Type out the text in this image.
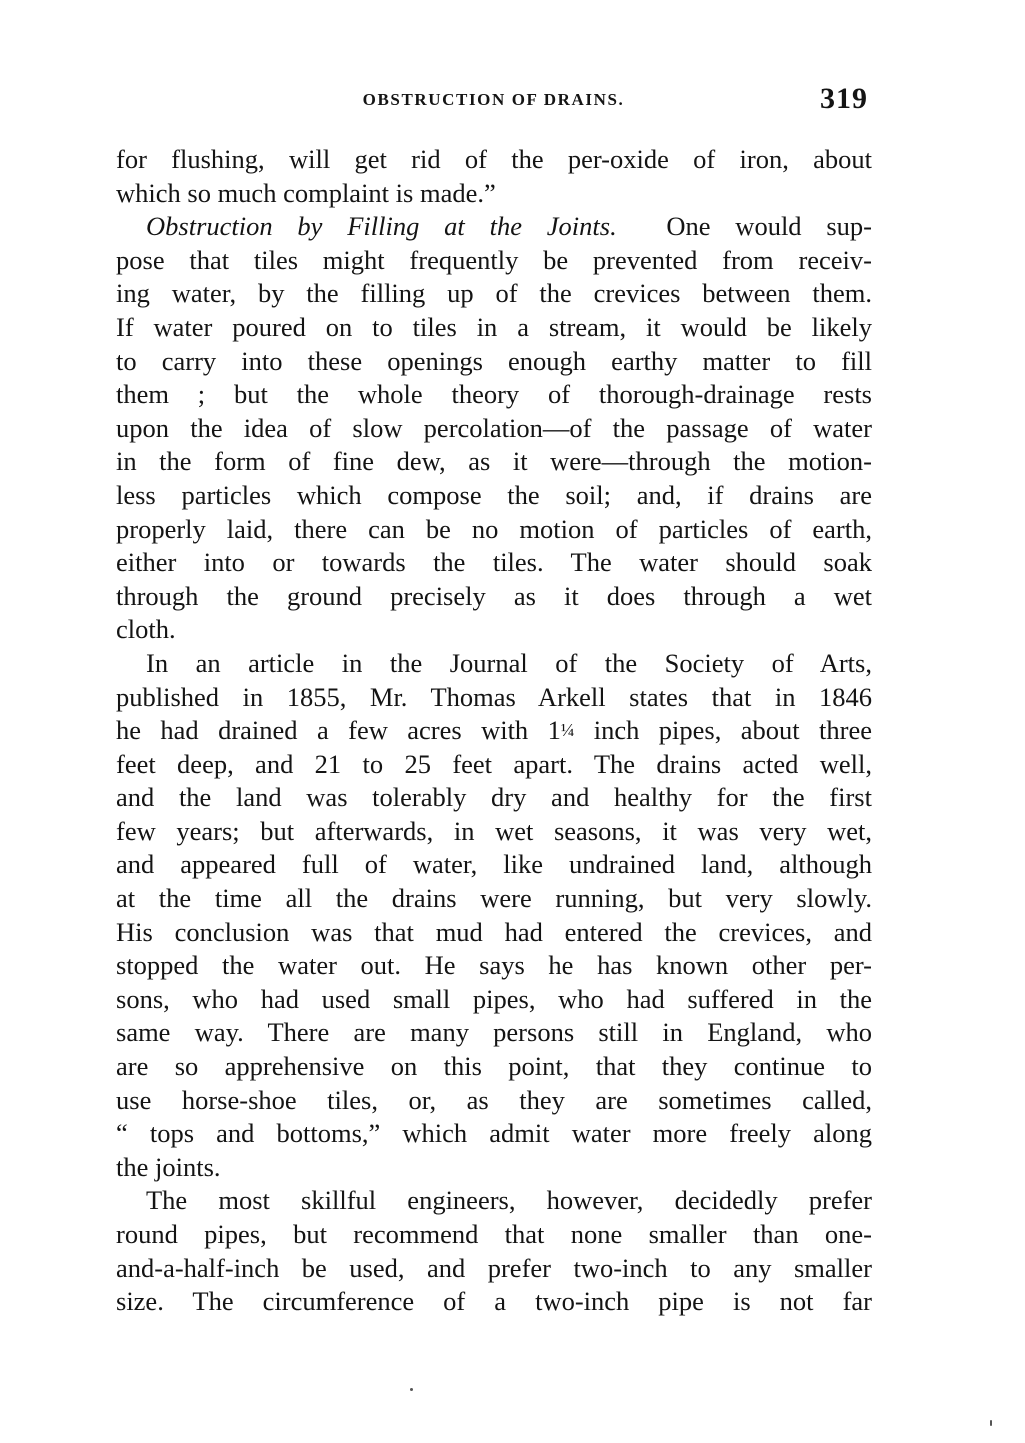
OBSTRUCTION OF DRAINS.	319
for flushing, will get rid of the per-oxide of iron, about
which so much complaint is made.”
Obstruction by Filling at the Joints. One would sup-
pose that tiles might frequently be prevented from receiv-
ing water, by the filling up of the crevices between them.
If water poured on to tiles in a stream, it would be likely
to carry into these openings enough earthy matter to fill
them ; but the whole theory of thorough-drainage rests
upon the idea of slow percolation—of the passage of water
in the form of fine dew, as it were—through the motion-
less particles which compose the soil; and, if drains are
properly laid, there can be no motion of particles of earth,
either into or towards the tiles. The water should soak
through the ground precisely as it does through a wet
cloth.
In an article in the Journal of the Society of Arts,
published in 1855, Mr. Thomas Arkell states that in 1846
he had drained a few acres with 1¼ inch pipes, about three
feet deep, and 21 to 25 feet apart. The drains acted well,
and the land was tolerably dry and healthy for the first
few years; but afterwards, in wet seasons, it was very wet,
and appeared full of water, like undrained land, although
at the time all the drains were running, but very slowly.
His conclusion was that mud had entered the crevices, and
stopped the water out. He says he has known other per-
sons, who had used small pipes, who had suffered in the
same way. There are many persons still in England, who
are so apprehensive on this point, that they continue to
use horse-shoe tiles, or, as they are sometimes called,
“ tops and bottoms,” which admit water more freely along
the joints.
The most skillful engineers, however, decidedly prefer
round pipes, but recommend that none smaller than one-
and-a-half-inch be used, and prefer two-inch to any smaller
size. The circumference of a two-inch pipe is not far
